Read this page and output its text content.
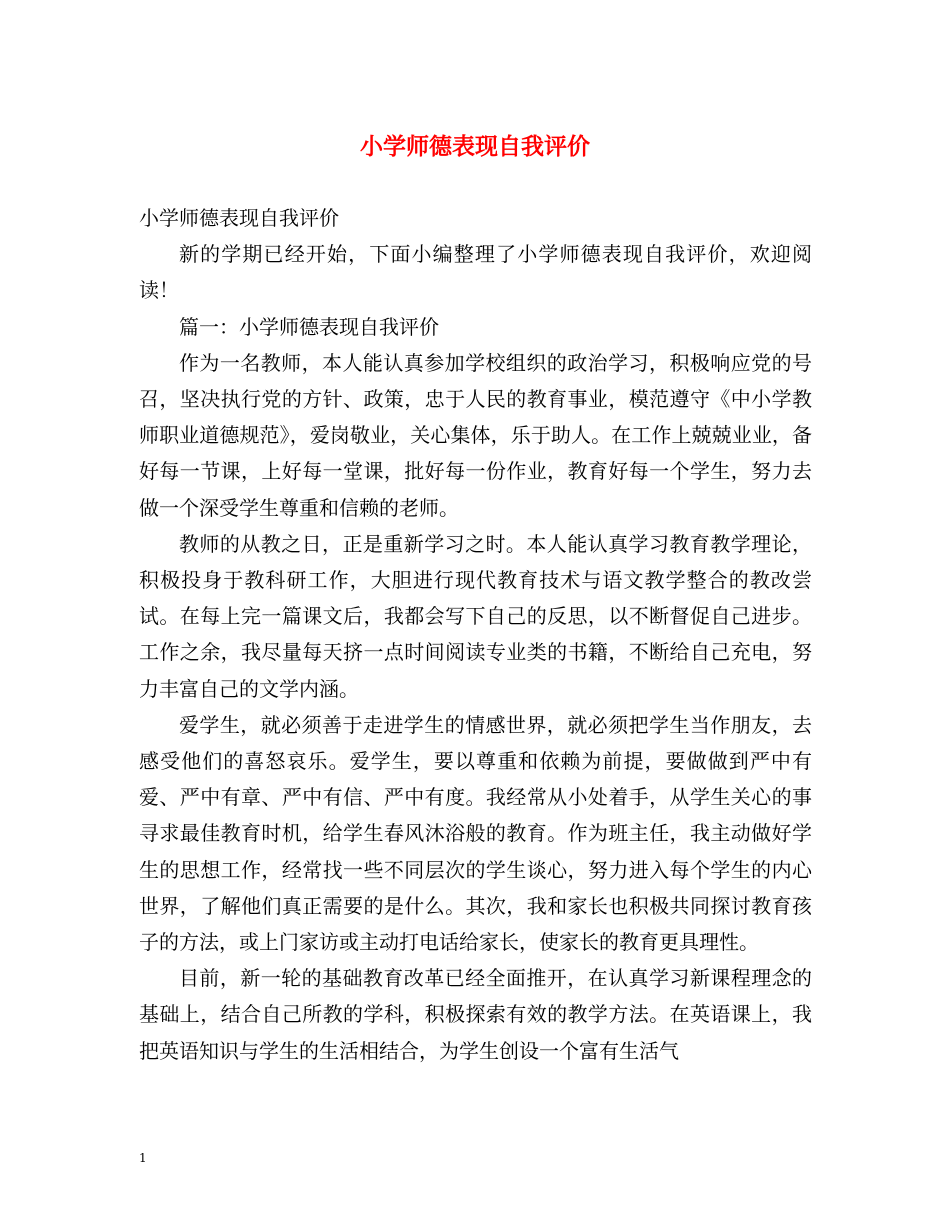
小学师德表现自我评价

小学师德表现自我评价

新的学期已经开始，下面小编整理了小学师德表现自我评价，欢迎阅读！

篇一：小学师德表现自我评价

作为一名教师，本人能认真参加学校组织的政治学习，积极响应党的号召，坚决执行党的方针、政策，忠于人民的教育事业，模范遵守《中小学教师职业道德规范》，爱岗敬业，关心集体，乐于助人。在工作上兢兢业业，备好每一节课，上好每一堂课，批好每一份作业，教育好每一个学生，努力去做一个深受学生尊重和信赖的老师。

教师的从教之日，正是重新学习之时。本人能认真学习教育教学理论，积极投身于教科研工作，大胆进行现代教育技术与语文教学整合的教改尝试。在每上完一篇课文后，我都会写下自己的反思，以不断督促自己进步。工作之余，我尽量每天挤一点时间阅读专业类的书籍，不断给自己充电，努力丰富自己的文学内涵。

爱学生，就必须善于走进学生的情感世界，就必须把学生当作朋友，去感受他们的喜怒哀乐。爱学生，要以尊重和依赖为前提，要做做到严中有爱、严中有章、严中有信、严中有度。我经常从小处着手，从学生关心的事寻求最佳教育时机，给学生春风沐浴般的教育。作为班主任，我主动做好学生的思想工作，经常找一些不同层次的学生谈心，努力进入每个学生的内心世界，了解他们真正需要的是什么。其次，我和家长也积极共同探讨教育孩子的方法，或上门家访或主动打电话给家长，使家长的教育更具理性。

目前，新一轮的基础教育改革已经全面推开，在认真学习新课程理念的基础上，结合自己所教的学科，积极探索有效的教学方法。在英语课上，我把英语知识与学生的生活相结合，为学生创设一个富有生活气

1
